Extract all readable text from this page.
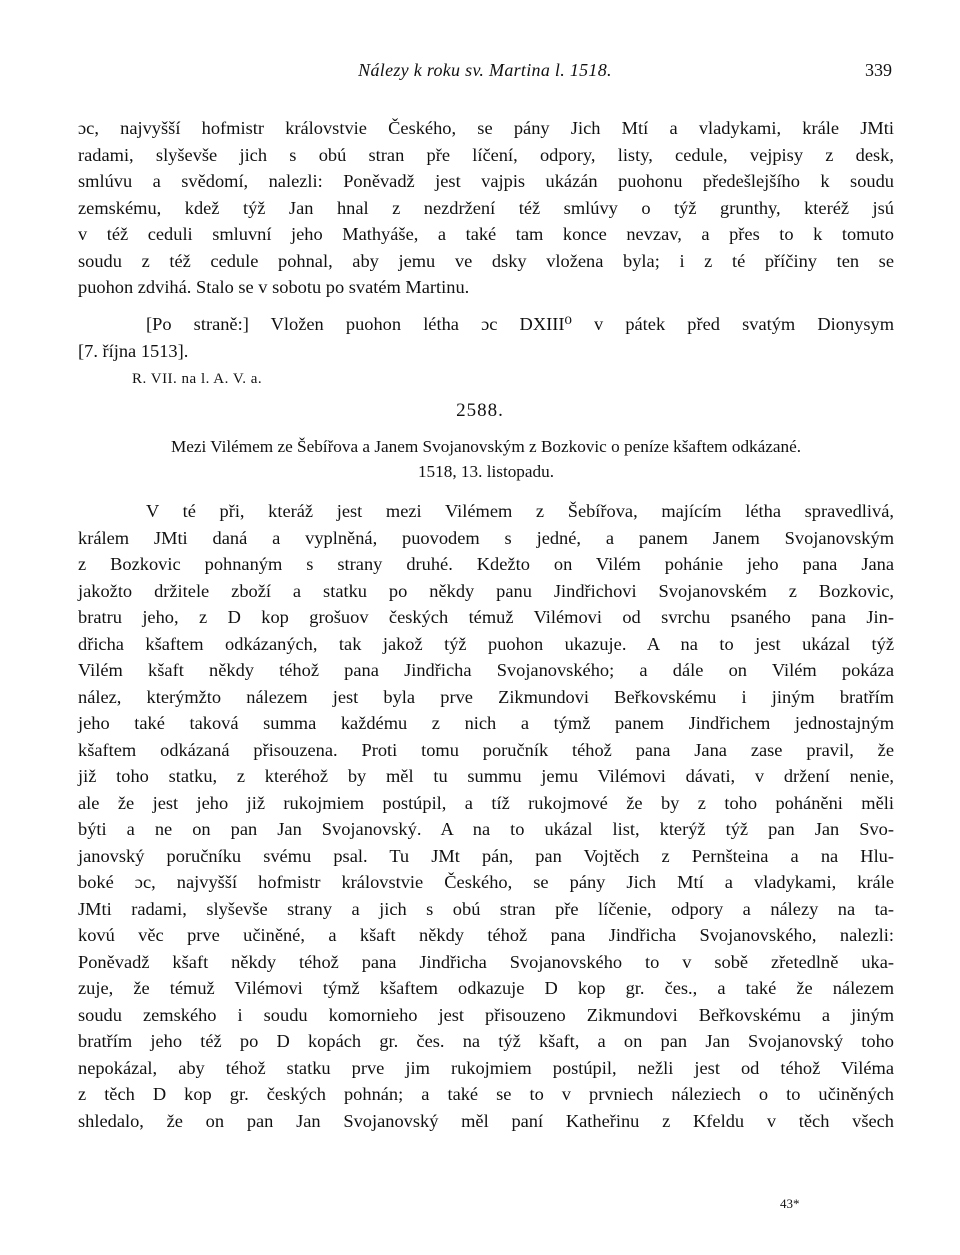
Nálezy k roku sv. Martina l. 1518.	339
ɔc, najvyšší hofmistr královstvie Českého, se pány Jich Mtí a vladykami, krále JMti
radami, slyševše jich s obú stran pře líčení, odpory, listy, cedule, vejpisy z desk,
smlúvu a svědomí, nalezli: Poněvadž jest vajpis ukázán puohonu předešlejšího k soudu
zemskému, kdež týž Jan hnal z nezdržení též smlúvy o týž grunthy, kteréž jsú
v též ceduli smluvní jeho Mathyáše, a také tam konce nevzav, a přes to k tomuto
soudu z též cedule pohnal, aby jemu ve dsky vložena byla; i z té příčiny ten se
puohon zdvihá. Stalo se v sobotu po svatém Martinu.
[Po straně:] Vložen puohon létha ɔc DXIII⁰ v pátek před svatým Dionysym
[7. října 1513].
R. VII. na l. A. V. a.
2588.
Mezi Vilémem ze Šebířova a Janem Svojanovským z Bozkovic o peníze kšaftem odkázané.
1518, 13. listopadu.
V té při, kteráž jest mezi Vilémem z Šebířova, majícím létha spravedlivá,
králem JMti daná a vyplněná, puovodem s jedné, a panem Janem Svojanovským
z Bozkovic pohnaným s strany druhé. Kdežto on Vilém pohánie jeho pana Jana
jakožto držitele zboží a statku po někdy panu Jindřichovi Svojanovském z Bozkovic,
bratru jeho, z D kop grošuov českých témuž Vilémovi od svrchu psaného pana Jin-
dřicha kšaftem odkázaných, tak jakož týž puohon ukazuje. A na to jest ukázal týž
Vilém kšaft někdy téhož pana Jindřicha Svojanovského; a dále on Vilém pokáza
nález, kterýmžto nálezem jest byla prve Zikmundovi Beřkovskému i jiným bratřím
jeho také taková summa každému z nich a týmž panem Jindřichem jednostajným
kšaftem odkázaná přisouzena. Proti tomu poručník téhož pana Jana zase pravil, že
již toho statku, z kteréhož by měl tu summu jemu Vilémovi dávati, v držení nenie,
ale že jest jeho již rukojmiem postúpil, a tíž rukojmové že by z toho poháněni měli
býti a ne on pan Jan Svojanovský. A na to ukázal list, kterýž týž pan Jan Svo-
janovský poručníku svému psal. Tu JMt pán, pan Vojtěch z Pernšteina a na Hlu-
boké ɔc, najvyšší hofmistr královstvie Českého, se pány Jich Mtí a vladykami, krále
JMti radami, slyševše strany a jich s obú stran pře líčenie, odpory a nálezy na ta-
kovú věc prve učiněné, a kšaft někdy téhož pana Jindřicha Svojanovského, nalezli:
Poněvadž kšaft někdy téhož pana Jindřicha Svojanovského to v sobě zřetedlně uka-
zuje, že témuž Vilémovi týmž kšaftem odkazuje D kop gr. čes., a také že nálezem
soudu zemského i soudu komornieho jest přisouzeno Zikmundovi Beřkovskému a jiným
bratřím jeho též po D kopách gr. čes. na týž kšaft, a on pan Jan Svojanovský toho
nepokázal, aby téhož statku prve jim rukojmiem postúpil, nežli jest od téhož Viléma
z těch D kop gr. českých pohnán; a také se to v prvniech náleziech o to učiněných
shledalo, že on pan Jan Svojanovský měl paní Katheřinu z Kfeldu v těch všech
43*
